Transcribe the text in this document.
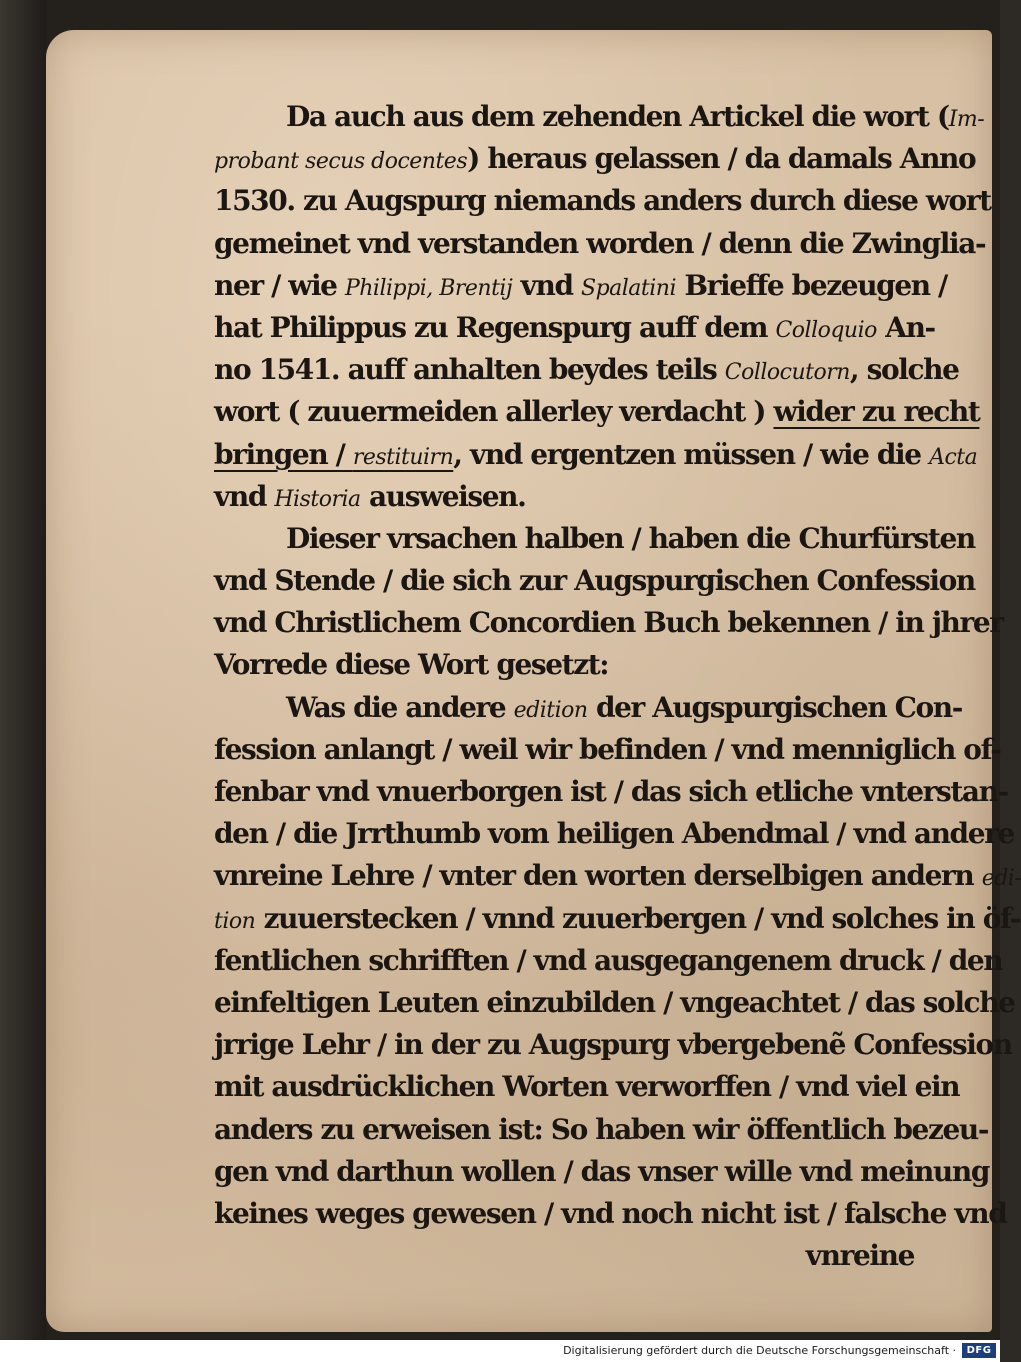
Da auch aus dem zehenden Artickel die wort (Im-
probant secus docentes) heraus gelassen / da damals Anno
1530. zu Augspurg niemands anders durch diese wort
gemeinet vnd verstanden worden / denn die Zwinglia-
ner / wie Philippi, Brentij vnd Spalatini Brieffe bezeugen /
hat Philippus zu Regenspurg auff dem Colloquio An-
no 1541. auff anhalten beydes teils Collocutorn, solche
wort ( zuuermeiden allerley verdacht ) wider zu recht
bringen / restituirn, vnd ergentzen müssen / wie die Acta
vnd Historia ausweisen.
Dieser vrsachen halben / haben die Churfürsten
vnd Stende / die sich zur Augspurgischen Confession
vnd Christlichem Concordien Buch bekennen / in jhrer
Vorrede diese Wort gesetzt:
Was die andere edition der Augspurgischen Con-
fession anlangt / weil wir befinden / vnd menniglich of-
fenbar vnd vnuerborgen ist / das sich etliche vnterstan-
den / die Jrrthumb vom heiligen Abendmal / vnd andere
vnreine Lehre / vnter den worten derselbigen andern edi-
tion zuuerstecken / vnnd zuuerbergen / vnd solches in öf-
fentlichen schrifften / vnd ausgegangenem druck / den
einfeltigen Leuten einzubilden / vngeachtet / das solche
jrrige Lehr / in der zu Augspurg vbergebenẽ Confession
mit ausdrücklichen Worten verworffen / vnd viel ein
anders zu erweisen ist: So haben wir öffentlich bezeu-
gen vnd darthun wollen / das vnser wille vnd meinung
keines weges gewesen / vnd noch nicht ist / falsche vnd
vnreine
Digitalisierung gefördert durch die Deutsche Forschungsgemeinschaft ·	DFG
